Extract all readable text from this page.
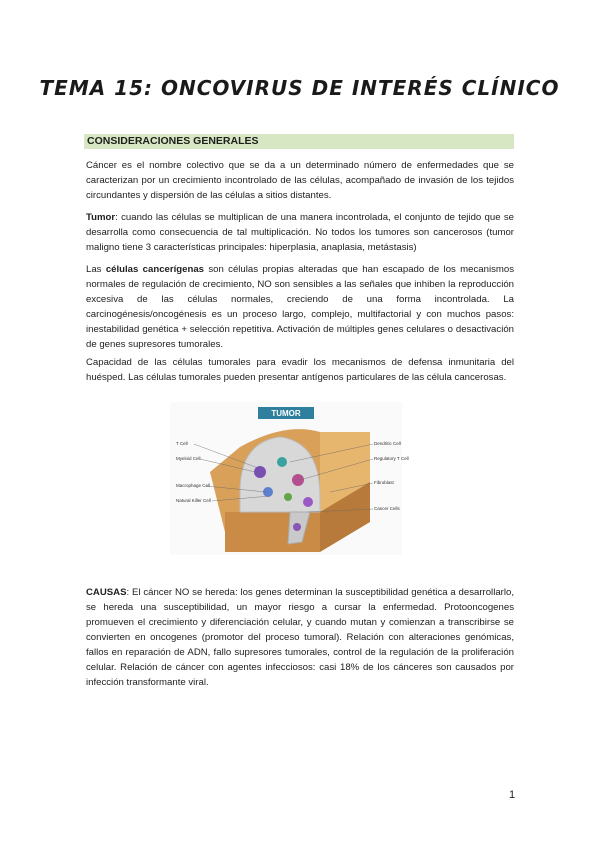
TEMA 15: ONCOVIRUS DE INTERÉS CLÍNICO
CONSIDERACIONES GENERALES

Cáncer es el nombre colectivo que se da a un determinado número de enfermedades que se caracterizan por un crecimiento incontrolado de las células, acompañado de invasión de los tejidos circundantes y dispersión de las células a sitios distantes.

Tumor: cuando las células se multiplican de una manera incontrolada, el conjunto de tejido que se desarrolla como consecuencia de tal multiplicación. No todos los tumores son cancerosos (tumor maligno tiene 3 características principales: hiperplasia, anaplasia, metástasis)

Las células cancerígenas son células propias alteradas que han escapado de los mecanismos normales de regulación de crecimiento, NO son sensibles a las señales que inhiben la reproducción excesiva de las células normales, creciendo de una forma incontrolada. La carcinogénesis/oncogénesis es un proceso largo, complejo, multifactorial y con muchos pasos: inestabilidad genética + selección repetitiva. Activación de múltiples genes celulares o desactivación de genes supresores tumorales.

Capacidad de las células tumorales para evadir los mecanismos de defensa inmunitaria del huésped. Las células tumorales pueden presentar antígenos particulares de las célula cancerosas.

TUMOR
T Cell
Myeloid Cell
Macrophage Cell
Natural Killer Cell
Dendritic Cell
Regulatory T Cell
Fibroblast
Cancer Cells

CAUSAS: El cáncer NO se hereda: los genes determinan la susceptibilidad genética a desarrollarlo, se hereda una susceptibilidad, un mayor riesgo a cursar la enfermedad. Protooncogenes promueven el crecimiento y diferenciación celular, y cuando mutan y comienzan a transcribirse se convierten en oncogenes (promotor del proceso tumoral). Relación con alteraciones genómicas, fallos en reparación de ADN, fallo supresores tumorales, control de la regulación de la proliferación celular. Relación de cáncer con agentes infecciosos: casi 18% de los cánceres son causados por infección transformante viral.

1
